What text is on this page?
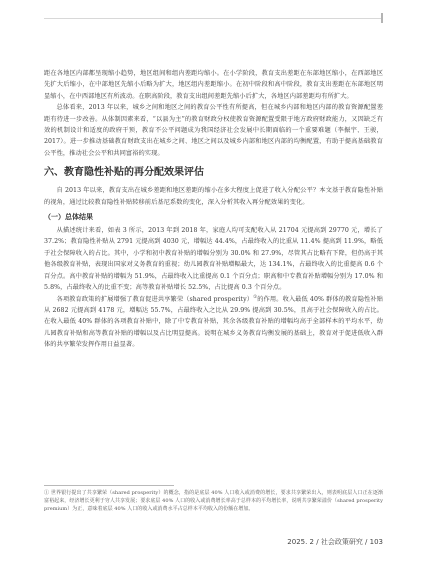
距在各地区内部都呈现缩小趋势，地区组间和组内差距均缩小。在小学阶段，教育支出差距在东部地区缩小，在西部地区先扩大后缩小，在中部地区先缩小后略为扩大，地区组内差距缩小。在初中阶段和高中阶段，教育支出差距在东部地区明显缩小，在中西部地区有所波动。在职高阶段，教育支出组间差距先缩小后扩大，各地区内部差距均有所扩大。

总体看来，2013 年以来，城乡之间和地区之间的教育公平性有所提高，但在城乡内部和地区内部的教育资源配置差距有待进一步改善。从体制因素来看，“以县为主”的教育财政分权使教育资源配置受限于地方政府财政能力，又因缺乏有效的机制设计和适度的政府干预，教育不公平问题成为我国经济社会发展中长期面临的一个重要难题（李振宇、王骏，2017）。进一步推动基础教育财政支出在城乡之间、地区之间以及城乡内部和地区内部的均衡配置，有助于提高基础教育公平性，推动社会公平和共同富裕的实现。

六、教育隐性补贴的再分配效果评估

自 2013 年以来，教育支出在城乡差距和地区差距的缩小在多大程度上促进了收入分配公平？本文基于教育隐性补贴的视角，通过比较教育隐性补贴转移前后基尼系数的变化，深入分析其收入再分配效果的变化。

（一）总体结果

从描述统计来看，如表 3 所示，2013 年到 2018 年，家庭人均可支配收入从 21704 元提高到 29770 元，增长了 37.2%；教育隐性补贴从 2791 元提高到 4030 元，增幅达 44.4%，占最终收入的比重从 11.4% 提高到 11.9%，略低于社会保障收入的占比。其中，小学和初中教育补贴的增幅分别为 30.0% 和 27.9%，尽管其占比略有下降，但仍高于其他各级教育补贴，表现出国家对义务教育的重视；幼儿园教育补贴增幅最大，达 134.1%，占最终收入的比重提高 0.6 个百分点。高中教育补贴的增幅为 51.9%，占最终收入比重提高 0.1 个百分点；职高和中专教育补贴增幅分别为 17.0% 和 5.8%，占最终收入的比重不变；高等教育补贴增长 52.5%，占比提高 0.3 个百分点。

各项教育政策的扩展增强了教育促进共享繁荣（shared prosperity）①的作用。收入最低 40% 群体的教育隐性补贴从 2682 元提高到 4178 元，增幅达 55.7%，占最终收入之比从 29.9% 提高到 30.5%，且高于社会保障收入的占比。在收入最低 40% 群体的各项教育补贴中，除了中专教育补贴，其余各级教育补贴的增幅均高于全部样本的平均水平，幼儿园教育补贴和高等教育补贴的增幅以及占比明显提高。说明在城乡义务教育均衡发展的基础上，教育对于促进低收入群体的共享繁荣发挥作用日益显著。

① 世界银行提出了共享繁荣（shared prosperity）的概念，指的是底层 40% 人口收入或消费的增长，要求共享繁荣出入，则表明底层人口正在逐渐富裕起来，经济增长更利于穷人共享发展；要求底层 40% 人口的收入或消费增长率高于总样本的平均增长率，说明共享繁荣溢价（shared prosperity premium）为正，意味着底层 40% 人口的收入或消费水平占总样本平均收入的份额在增加。

2025. 2 / 社会政策研究 / 103
